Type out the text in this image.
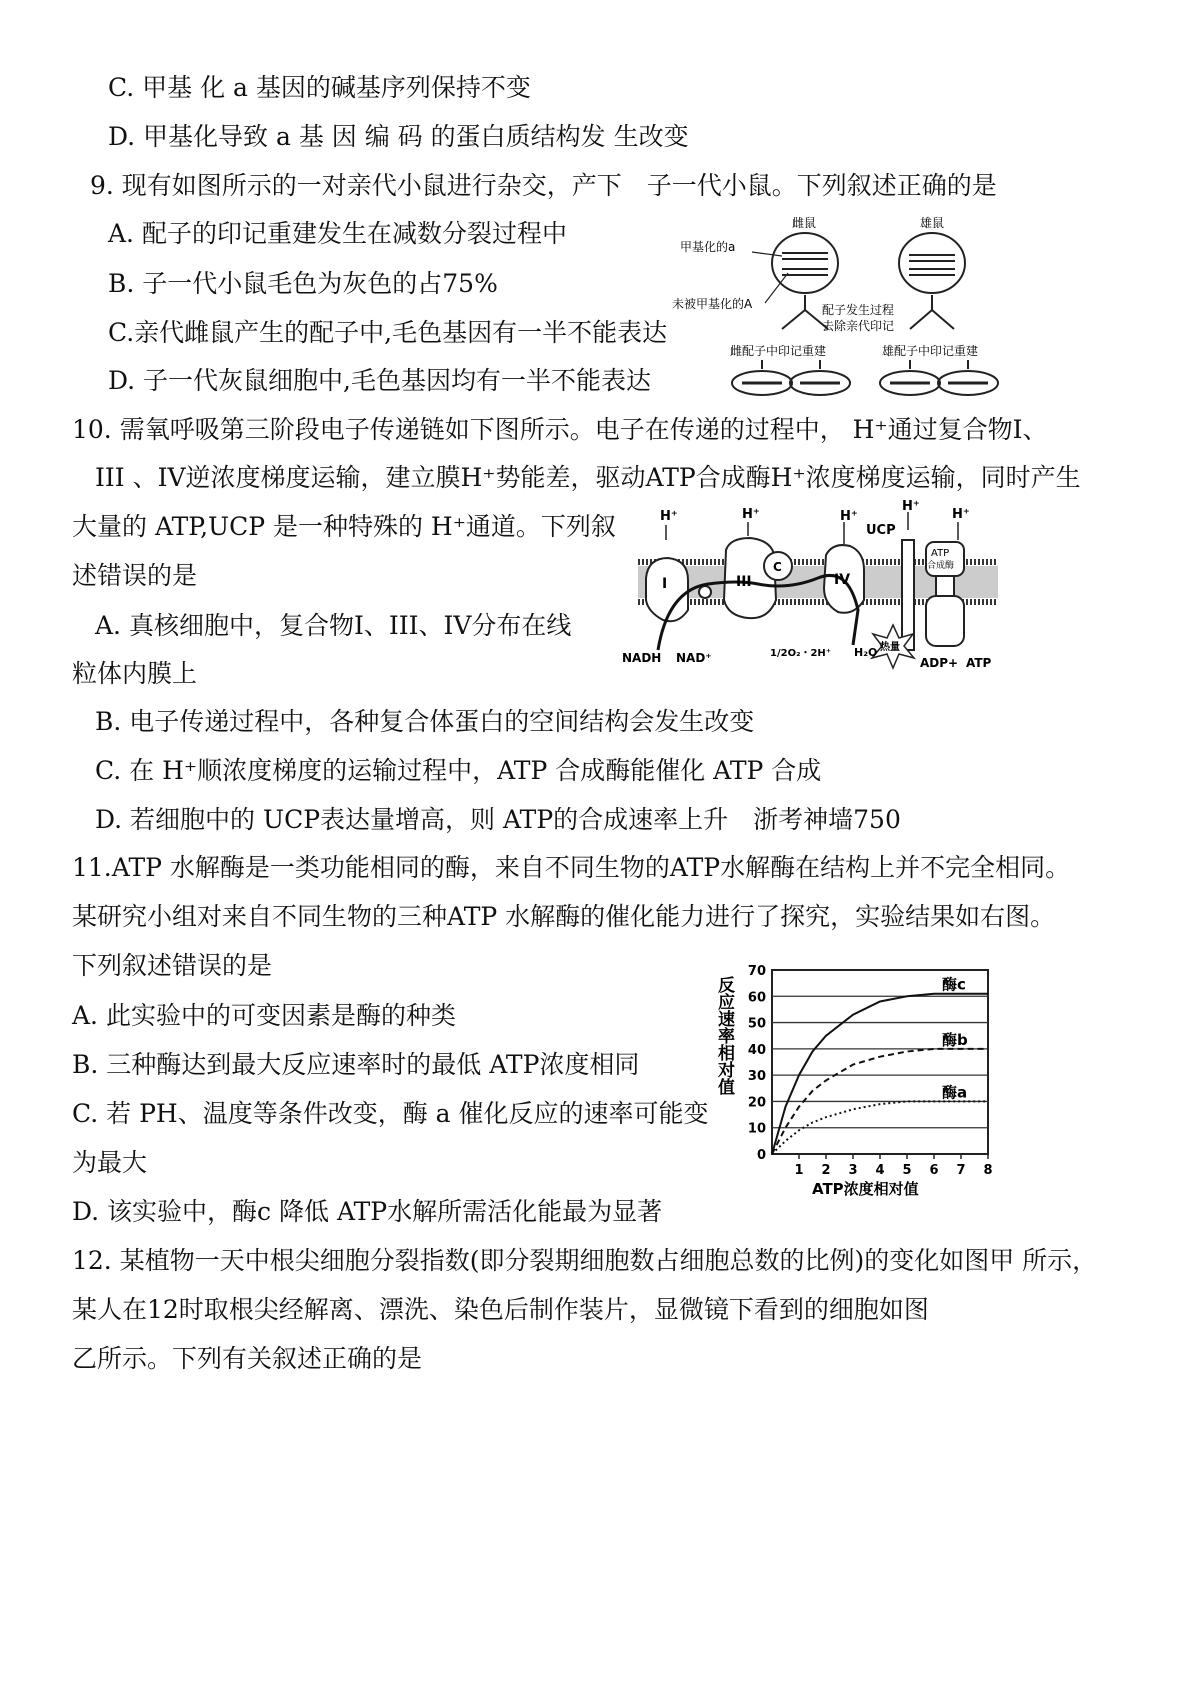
C. 甲基 化 a 基因的碱基序列保持不变
D. 甲基化导致 a 基 因 编 码 的蛋白质结构发 生改变
9. 现有如图所示的一对亲代小鼠进行杂交，产下　子一代小鼠。下列叙述正确的是
A. 配子的印记重建发生在减数分裂过程中
B. 子一代小鼠毛色为灰色的占75%
C.亲代雌鼠产生的配子中,毛色基因有一半不能表达
D. 子一代灰鼠细胞中,毛色基因均有一半不能表达
雌鼠	雄鼠
甲基化的a
未被甲基化的A	配子发生过程
去除亲代印记
雌配子中印记重建	雄配子中印记重建
10. 需氧呼吸第三阶段电子传递链如下图所示。电子在传递的过程中， H⁺通过复合物I、
III 、IV逆浓度梯度运输，建立膜H⁺势能差，驱动ATP合成酶H⁺浓度梯度运输，同时产生
大量的 ATP,UCP 是一种特殊的 H⁺通道。下列叙
述错误的是
A. 真核细胞中，复合物I、III、IV分布在线
粒体内膜上
B. 电子传递过程中，各种复合体蛋白的空间结构会发生改变
C. 在 H⁺顺浓度梯度的运输过程中，ATP 合成酶能催化 ATP 合成
D. 若细胞中的 UCP表达量增高，则 ATP的合成速率上升　浙考神墙750
H⁺	H⁺	H⁺
H⁺
H⁺
I	III
C
IV
UCP
ATP
合成酶
NADH NAD⁺	1/2O₂・2H⁺ H₂O 热量
ADP+ ATP
11.ATP 水解酶是一类功能相同的酶，来自不同生物的ATP水解酶在结构上并不完全相同。
某研究小组对来自不同生物的三种ATP 水解酶的催化能力进行了探究，实验结果如右图。
下列叙述错误的是
A. 此实验中的可变因素是酶的种类
B. 三种酶达到最大反应速率时的最低 ATP浓度相同
C. 若 PH、温度等条件改变，酶 a 催化反应的速率可能变
为最大
D. 该实验中，酶c 降低 ATP水解所需活化能最为显著
反应速率相对值
ATP浓度相对值
0
10
20
30
40
50
60
70
1 2 3 4 5 6 7 8
酶c
酶b
酶a
12. 某植物一天中根尖细胞分裂指数(即分裂期细胞数占细胞总数的比例)的变化如图甲 所示，
某人在12时取根尖经解离、漂洗、染色后制作装片，显微镜下看到的细胞如图
乙所示。下列有关叙述正确的是
